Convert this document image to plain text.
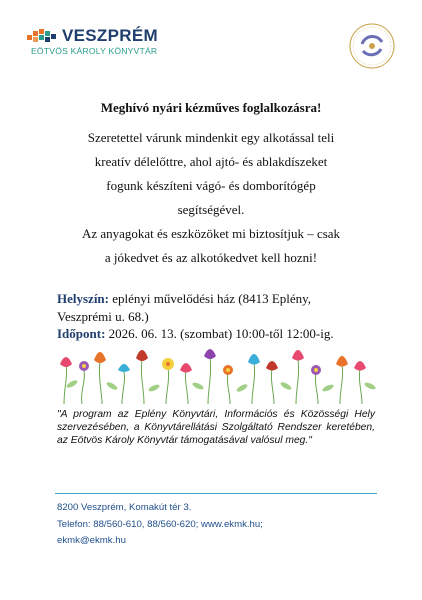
VESZPRÉM
EÖTVÖS KÁROLY KÖNYVTÁR
Meghívó nyári kézműves foglalkozásra!
Szeretettel várunk mindenkit egy alkotással teli
kreatív délelőttre, ahol ajtó- és ablakdíszeket
fogunk készíteni vágó- és domborítógép
segítségével.
Az anyagokat és eszközöket mi biztosítjuk – csak
a jókedvet és az alkotókedvet kell hozni!
Helyszín: eplényi művelődési ház (8413 Eplény,
Veszprémi u. 68.)
Időpont: 2026. 06. 13. (szombat) 10:00-től 12:00-ig.
"A program az Eplény Könyvtári, Információs és Közösségi Hely szervezésében, a Könyvtárellátási Szolgáltató Rendszer keretében, az Eötvös Károly Könyvtár támogatásával valósul meg."
8200 Veszprém, Komakút tér 3.
Telefon: 88/560-610, 88/560-620; www.ekmk.hu;
ekmk@ekmk.hu
